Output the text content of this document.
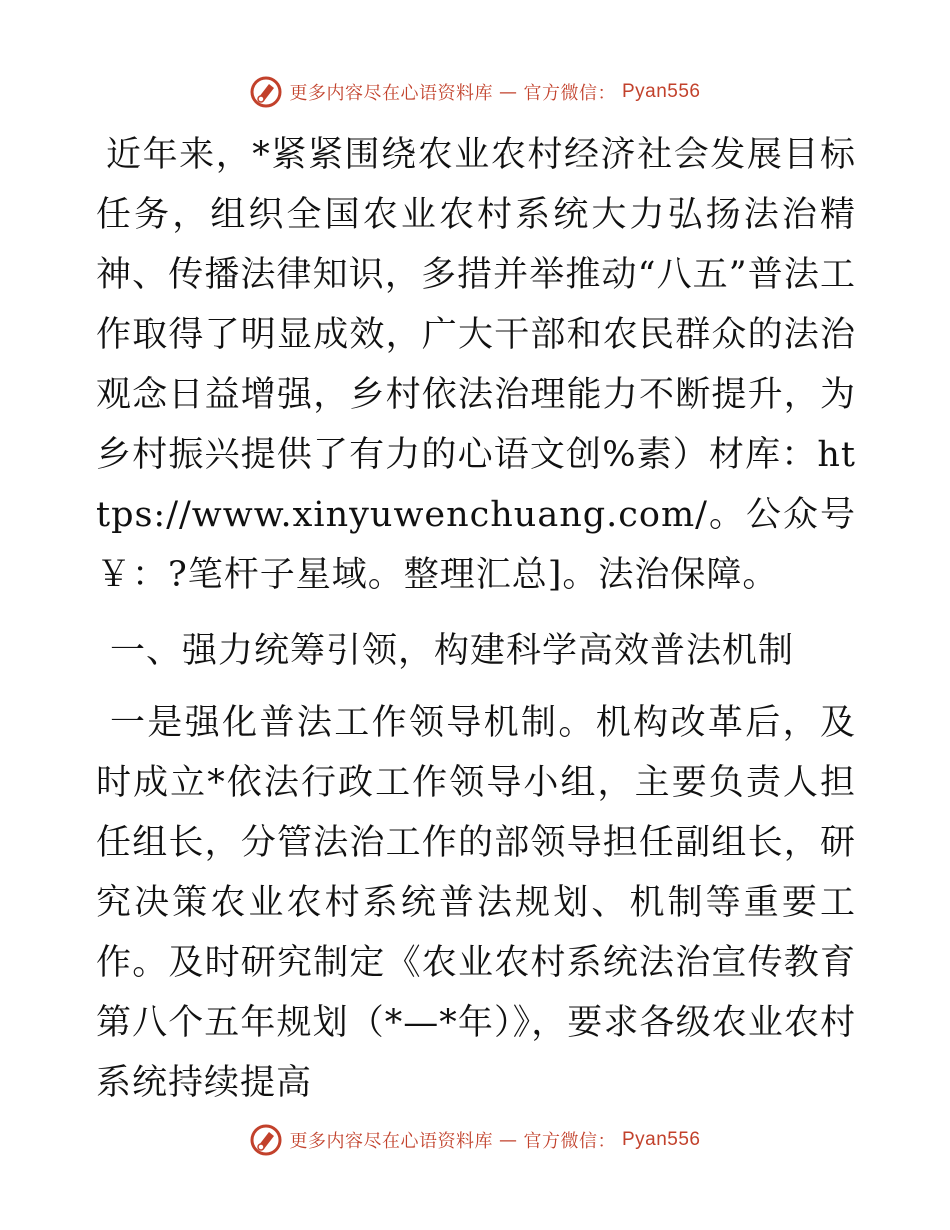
更多内容尽在心语资料库 — 官方微信： Pyan556

近年来，*紧紧围绕农业农村经济社会发展目标任务，组织全国农业农村系统大力弘扬法治精神、传播法律知识，多措并举推动“八五”普法工作取得了明显成效，广大干部和农民群众的法治观念日益增强，乡村依法治理能力不断提升，为乡村振兴提供了有力的心语文创%素）材库：https://www.xinyuwenchuang.com/。公众号￥：?笔杆子星域。整理汇总]。法治保障。

一、强力统筹引领，构建科学高效普法机制

一是强化普法工作领导机制。机构改革后，及时成立*依法行政工作领导小组，主要负责人担任组长，分管法治工作的部领导担任副组长，研究决策农业农村系统普法规划、机制等重要工作。及时研究制定《农业农村系统法治宣传教育第八个五年规划（*—*年）》，要求各级农业农村系统持续提高

更多内容尽在心语资料库 — 官方微信： Pyan556
